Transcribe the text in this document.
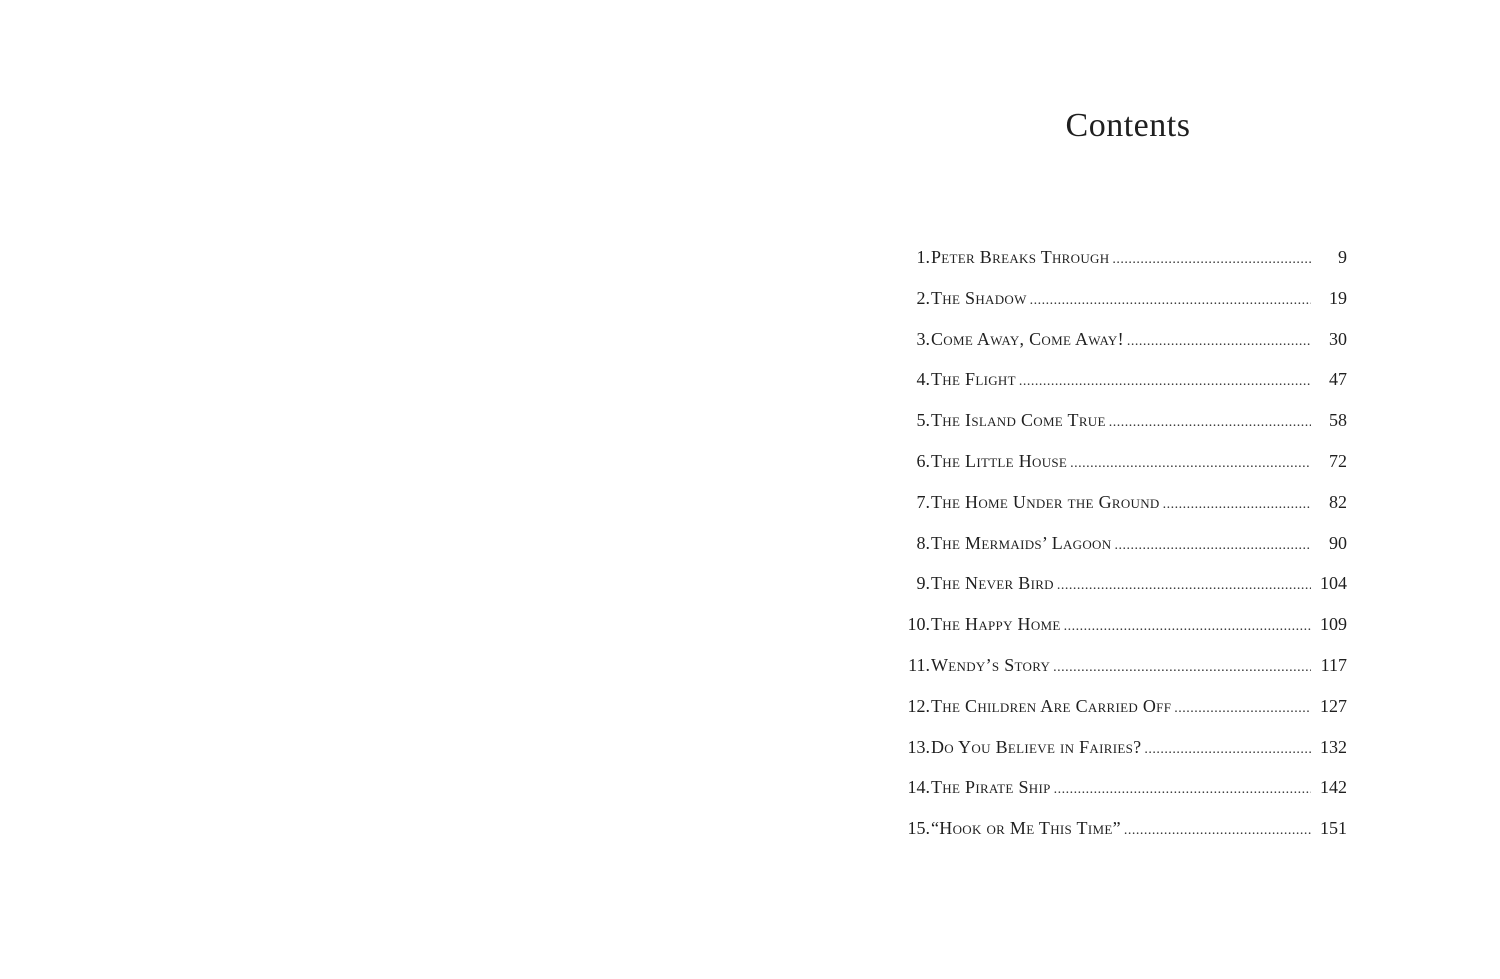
Contents
1. Peter Breaks Through .....	9
2. The Shadow .....	19
3. Come Away, Come Away! .....	30
4. The Flight .....	47
5. The Island Come True .....	58
6. The Little House .....	72
7. The Home Under the Ground .....	82
8. The Mermaids’ Lagoon .....	90
9. The Never Bird .....	104
10. The Happy Home .....	109
11. Wendy’s Story .....	117
12. The Children Are Carried Off .....	127
13. Do You Believe in Fairies? .....	132
14. The Pirate Ship .....	142
15. “Hook or Me This Time” .....	151
